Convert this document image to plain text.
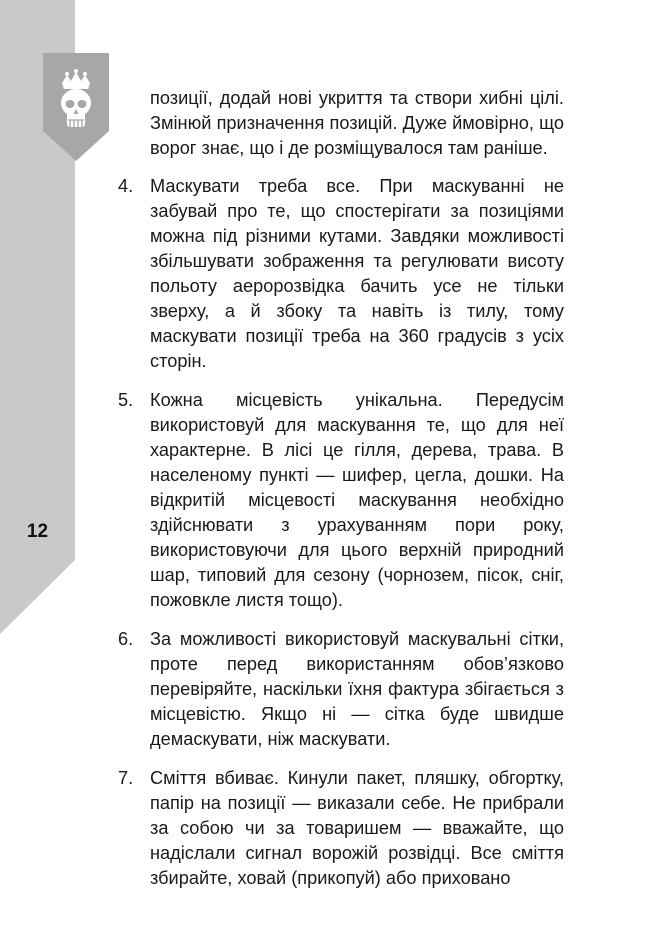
12

позиції, додай нові укриття та створи хибні цілі. Змінюй призначення позицій. Дуже ймовірно, що ворог знає, що і де розміщувалося там раніше.

4. Маскувати треба все. При маскуванні не забувай про те, що спостерігати за позиціями можна під різними кутами. Завдяки можливості збільшувати зображення та регулювати висоту польоту аеророзвідка бачить усе не тільки зверху, а й збоку та навіть із тилу, тому маскувати позиції треба на 360 градусів з усіх сторін.
5. Кожна місцевість унікальна. Передусім використовуй для маскування те, що для неї характерне. В лісі це гілля, дерева, трава. В населеному пункті — шифер, цегла, дошки. На відкритій місцевості маскування необхідно здійснювати з урахуванням пори року, використовуючи для цього верхній природний шар, типовий для сезону (чорнозем, пісок, сніг, пожовкле листя тощо).
6. За можливості використовуй маскувальні сітки, проте перед використанням обов’язково перевіряйте, наскільки їхня фактура збігається з місцевістю. Якщо ні — сітка буде швидше демаскувати, ніж маскувати.
7. Сміття вбиває. Кинули пакет, пляшку, обгортку, папір на позиції — виказали себе. Не прибрали за собою чи за товаришем — вважайте, що надіслали сигнал ворожій розвідці. Все сміття збирайте, ховай (прикопуй) або приховано
